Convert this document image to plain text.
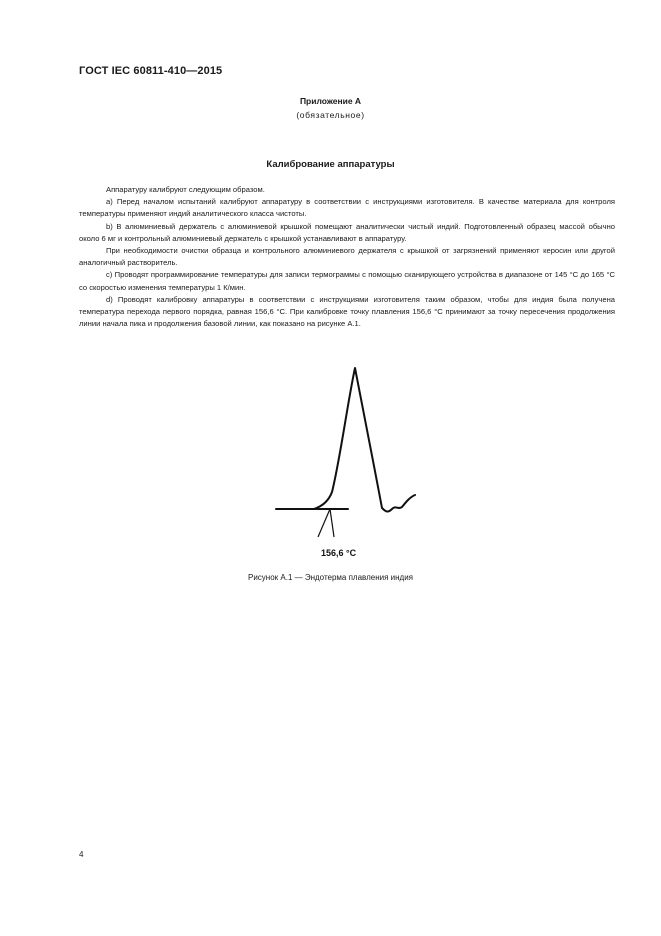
ГОСТ IEC 60811-410—2015
Приложение А
(обязательное)
Калибрование аппаратуры

Аппаратуру калибруют следующим образом.

a) Перед началом испытаний калибруют аппаратуру в соответствии с инструкциями изготовителя. В качестве материала для контроля температуры применяют индий аналитического класса чистоты.

b) В алюминиевый держатель с алюминиевой крышкой помещают аналитически чистый индий. Подготовленный образец массой обычно около 6 мг и контрольный алюминиевый держатель с крышкой устанавливают в аппаратуру.

При необходимости очистки образца и контрольного алюминиевого держателя с крышкой от загрязнений применяют керосин или другой аналогичный растворитель.

c) Проводят программирование температуры для записи термограммы с помощью сканирующего устройства в диапазоне от 145 °С до 165 °С со скоростью изменения температуры 1 К/мин.

d) Проводят калибровку аппаратуры в соответствии с инструкциями изготовителя таким образом, чтобы для индия была получена температура перехода первого порядка, равная 156,6 °С. При калибровке точку плавления 156,6 °С принимают за точку пересечения продолжения линии начала пика и продолжения базовой линии, как показано на рисунке А.1.

156,6 °C
Рисунок А.1 — Эндотерма плавления индия
4
